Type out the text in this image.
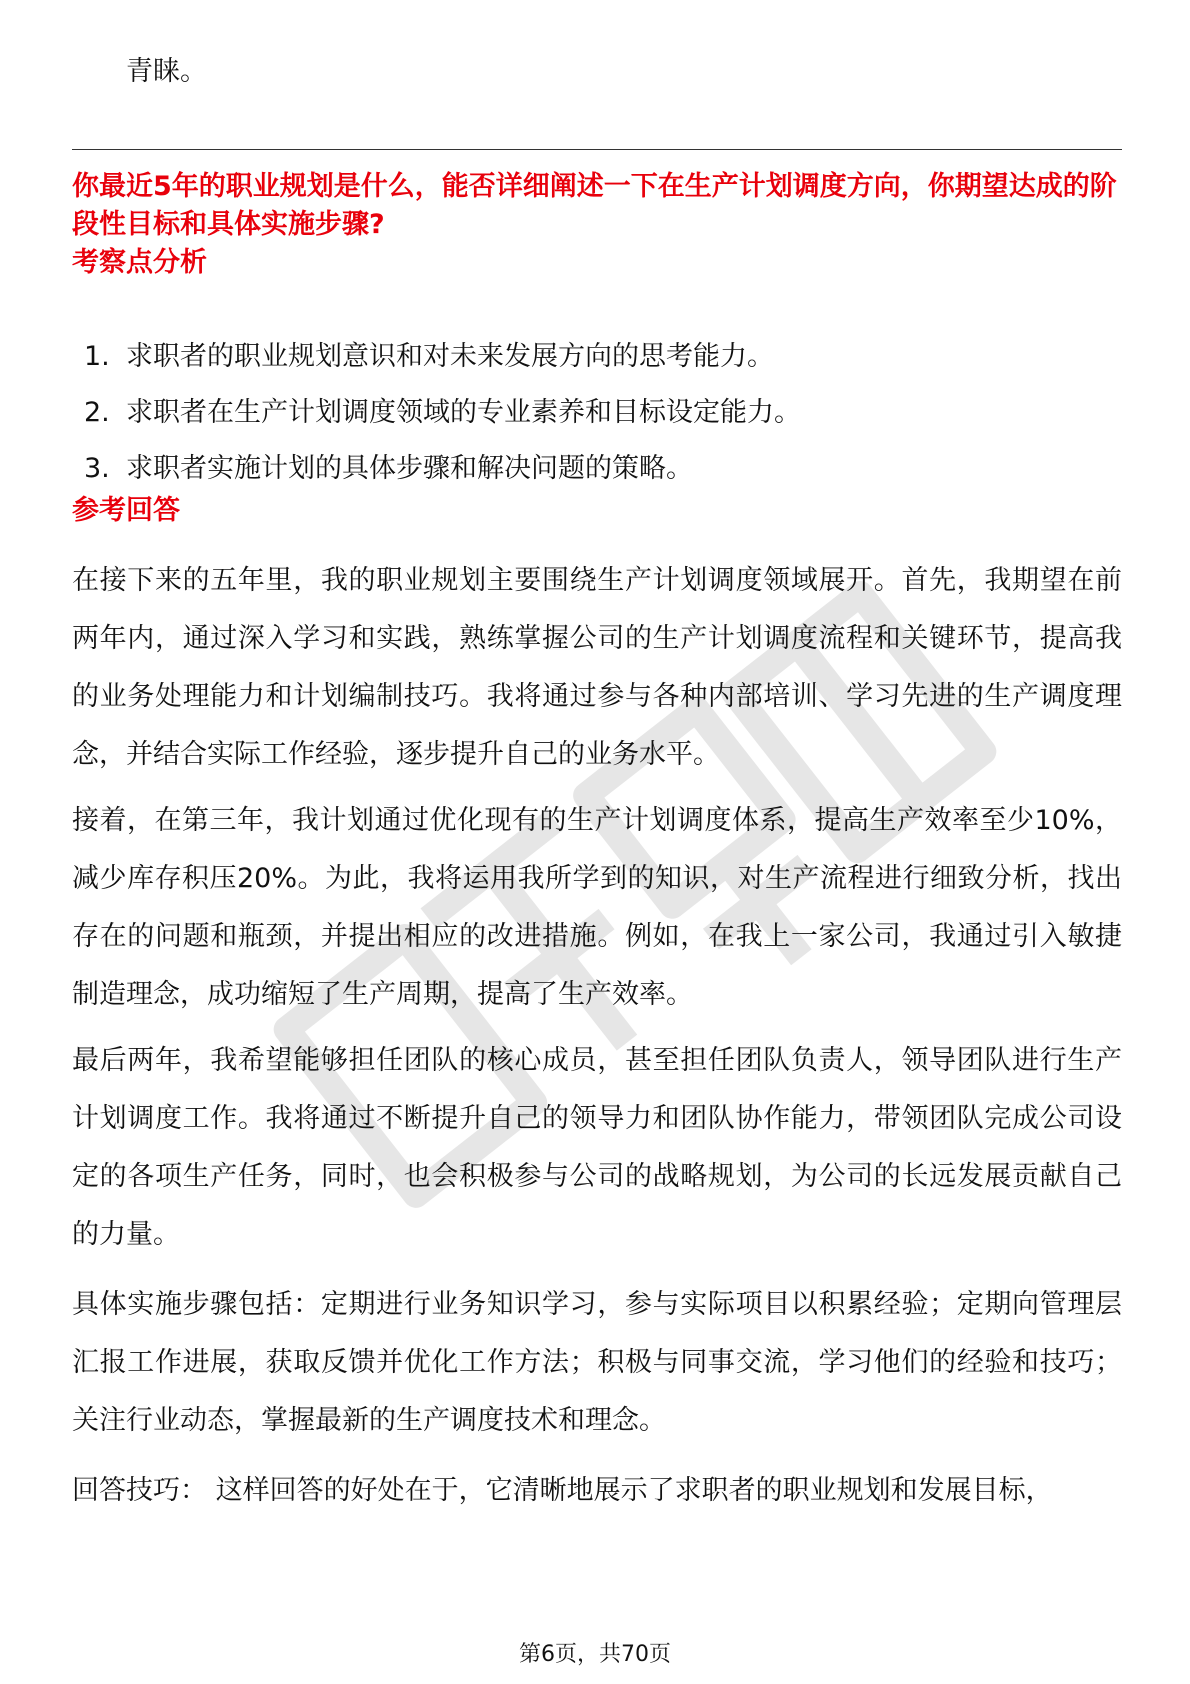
青睐。
你最近5年的职业规划是什么，能否详细阐述一下在生产计划调度方向，你期望达成的阶段性目标和具体实施步骤?
考察点分析
1. 求职者的职业规划意识和对未来发展方向的思考能力。
2. 求职者在生产计划调度领域的专业素养和目标设定能力。
3. 求职者实施计划的具体步骤和解决问题的策略。
参考回答

在接下来的五年里，我的职业规划主要围绕生产计划调度领域展开。首先，我期望在前两年内，通过深入学习和实践，熟练掌握公司的生产计划调度流程和关键环节，提高我的业务处理能力和计划编制技巧。我将通过参与各种内部培训、学习先进的生产调度理念，并结合实际工作经验，逐步提升自己的业务水平。

接着，在第三年，我计划通过优化现有的生产计划调度体系，提高生产效率至少10%，减少库存积压20%。为此，我将运用我所学到的知识，对生产流程进行细致分析，找出存在的问题和瓶颈，并提出相应的改进措施。例如，在我上一家公司，我通过引入敏捷制造理念，成功缩短了生产周期，提高了生产效率。

最后两年，我希望能够担任团队的核心成员，甚至担任团队负责人，领导团队进行生产计划调度工作。我将通过不断提升自己的领导力和团队协作能力，带领团队完成公司设定的各项生产任务，同时，也会积极参与公司的战略规划，为公司的长远发展贡献自己的力量。

具体实施步骤包括：定期进行业务知识学习，参与实际项目以积累经验；定期向管理层汇报工作进展，获取反馈并优化工作方法；积极与同事交流，学习他们的经验和技巧；关注行业动态，掌握最新的生产调度技术和理念。

回答技巧： 这样回答的好处在于，它清晰地展示了求职者的职业规划和发展目标，

第6页，共70页
